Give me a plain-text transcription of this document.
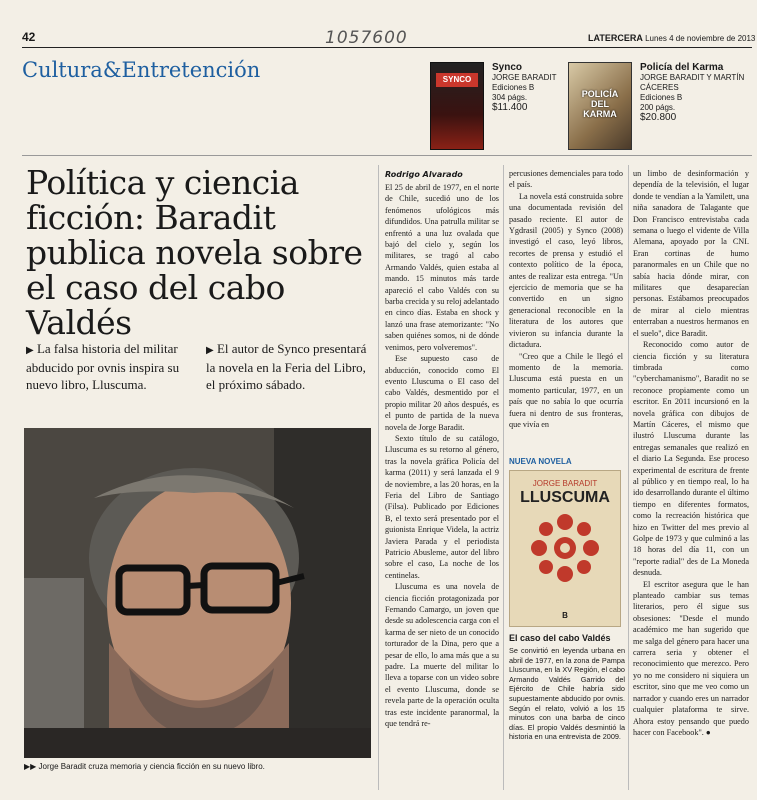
42	1057600	LATERCERA Lunes 4 de noviembre de 2013
Cultura&Entretención	SYNCO
Synco
JORGE BARADIT
Ediciones B
304 págs.
$11.400
POLICÍA DEL KARMA
Policía del Karma
JORGE BARADIT Y MARTÍN CÁCERES
Ediciones B
200 págs.
$20.800
Política y ciencia ficción: Baradit publica novela sobre el caso del cabo Valdés
▶ La falsa historia del militar abducido por ovnis inspira su nuevo libro, Lluscuma.
▶ El autor de Synco presentará la novela en la Feria del Libro, el próximo sábado.
▶▶ Jorge Baradit cruza memoria y ciencia ficción en su nuevo libro.
Rodrigo Alvarado

El 25 de abril de 1977, en el norte de Chile, sucedió uno de los fenómenos ufológicos más difundidos. Una patrulla militar se enfrentó a una luz ovalada que bajó del cielo y, según los militares, se tragó al cabo Armando Valdés, quien estaba al mando. 15 minutos más tarde apareció el cabo Valdés con su barba crecida y su reloj adelantado en cinco días. Estaba en shock y lanzó una frase atemorizante: "No saben quiénes somos, ni de dónde venimos, pero volveremos".

Ese supuesto caso de abducción, conocido como El evento Lluscuma o El caso del cabo Valdés, desmentido por el propio militar 20 años después, es el punto de partida de la nueva novela de Jorge Baradit.

Sexto título de su catálogo, Lluscuma es su retorno al género, tras la novela gráfica Policía del karma (2011) y será lanzada el 9 de noviembre, a las 20 horas, en la Feria del Libro de Santiago (Filsa). Publicado por Ediciones B, el texto será presentado por el guionista Enrique Videla, la actriz Javiera Parada y el periodista Patricio Abusleme, autor del libro sobre el caso, La noche de los centinelas.

Lluscuma es una novela de ciencia ficción protagonizada por Fernando Camargo, un joven que desde su adolescencia carga con el karma de ser nieto de un conocido torturador de la Dina, pero que a pesar de ello, lo ama más que a su padre. La muerte del militar lo lleva a toparse con un video sobre el evento Lluscuma, donde se revela parte de la operación oculta tras este incidente paranormal, la que tendrá re-

percusiones demenciales para todo el país.

La novela está construida sobre una documentada revisión del pasado reciente. El autor de Ygdrasil (2005) y Synco (2008) investigó el caso, leyó libros, recortes de prensa y estudió el contexto político de la época, antes de realizar esta entrega. "Un ejercicio de memoria que se ha convertido en un signo generacional reconocible en la literatura de los autores que vivieron su infancia durante la dictadura.

"Creo que a Chile le llegó el momento de la memoria. Lluscuma está puesta en un momento particular, 1977, en un país que no sabía lo que ocurría fuera ni dentro de sus fronteras, que vivía en

NUEVA NOVELA
JORGE BARADIT
LLUSCUMA
B
El caso del cabo Valdés
Se convirtió en leyenda urbana en abril de 1977, en la zona de Pampa Lluscuma, en la XV Región, el cabo Armando Valdés Garrido del Ejército de Chile habría sido supuestamente abducido por ovnis. Según el relato, volvió a los 15 minutos con una barba de cinco días. El propio Valdés desmintió la historia en una entrevista de 2009.

un limbo de desinformación y dependía de la televisión, el lugar donde te vendían a la Yamilett, una niña sanadora de Talagante que Don Francisco entrevistaba cada semana o luego el vidente de Villa Alemana, apoyado por la CNI. Eran cortinas de humo paranormales en un Chile que no sabía hacia dónde mirar, con militares que desaparecían personas. Estábamos preocupados de mirar al cielo mientras enterraban a nuestros hermanos en el suelo", dice Baradit.

Reconocido como autor de ciencia ficción y su literatura timbrada como "cyberchamanismo", Baradit no se reconoce propiamente como un escritor. En 2011 incursionó en la novela gráfica con dibujos de Martín Cáceres, el mismo que ilustró Lluscuma durante las entregas semanales que realizó en el diario La Segunda. Ese proceso experimental de escritura de frente al público y en tiempo real, lo ha ido desarrollando durante el último tiempo en diferentes formatos, como la recreación histórica que hizo en Twitter del mes previo al Golpe de 1973 y que culminó a las 18 horas del día 11, con un "reporte radial" des de La Moneda desnuda.

El escritor asegura que le han planteado cambiar sus temas literarios, pero él sigue sus obsesiones: "Desde el mundo académico me han sugerido que me salga del género para hacer una carrera seria y obtener el reconocimiento que merezco. Pero yo no me considero ni siquiera un escritor, sino que me veo como un narrador y cuando eres un narrador cualquier plataforma te sirve. Ahora estoy pensando que puedo hacer con Facebook". ●
